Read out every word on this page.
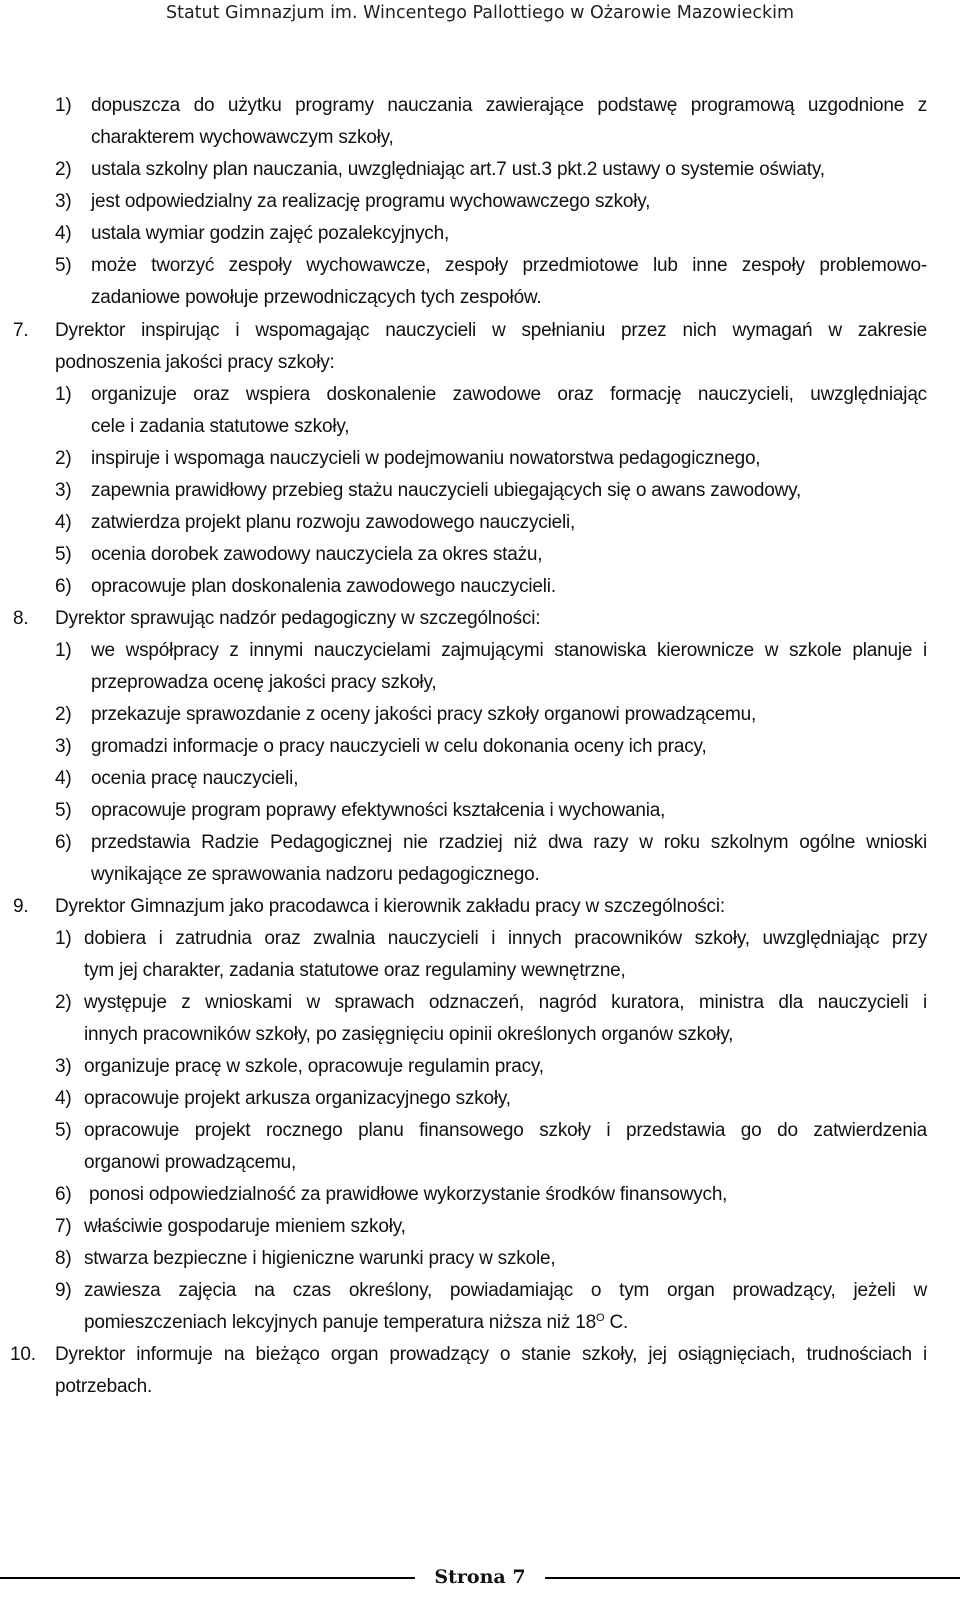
Statut Gimnazjum im. Wincentego Pallottiego w Ożarowie Mazowieckim
1) dopuszcza do użytku programy nauczania zawierające podstawę programową uzgodnione z
charakterem wychowawczym szkoły,
2) ustala szkolny plan nauczania, uwzględniając art.7 ust.3 pkt.2 ustawy o systemie oświaty,
3) jest odpowiedzialny za realizację programu wychowawczego szkoły,
4) ustala wymiar godzin zajęć pozalekcyjnych,
5) może tworzyć zespoły wychowawcze, zespoły przedmiotowe lub inne zespoły problemowo-
zadaniowe powołuje przewodniczących tych zespołów.
7. Dyrektor inspirując i wspomagając nauczycieli w spełnianiu przez nich wymagań w zakresie
podnoszenia jakości pracy szkoły:
1) organizuje oraz wspiera doskonalenie zawodowe oraz formację nauczycieli, uwzględniając
cele i zadania statutowe szkoły,
2) inspiruje i wspomaga nauczycieli w podejmowaniu nowatorstwa pedagogicznego,
3) zapewnia prawidłowy przebieg stażu nauczycieli ubiegających się o awans zawodowy,
4) zatwierdza projekt planu rozwoju zawodowego nauczycieli,
5) ocenia dorobek zawodowy nauczyciela za okres stażu,
6) opracowuje plan doskonalenia zawodowego nauczycieli.
8. Dyrektor sprawując nadzór pedagogiczny w szczególności:
1) we współpracy z innymi nauczycielami zajmującymi stanowiska kierownicze w szkole planuje i
przeprowadza ocenę jakości pracy szkoły,
2) przekazuje sprawozdanie z oceny jakości pracy szkoły organowi prowadzącemu,
3) gromadzi informacje o pracy nauczycieli w celu dokonania oceny ich pracy,
4) ocenia pracę nauczycieli,
5) opracowuje program poprawy efektywności kształcenia i wychowania,
6) przedstawia Radzie Pedagogicznej nie rzadziej niż dwa razy w roku szkolnym ogólne wnioski
wynikające ze sprawowania nadzoru pedagogicznego.
9. Dyrektor Gimnazjum jako pracodawca i kierownik zakładu pracy w szczególności:
1) dobiera i zatrudnia oraz zwalnia nauczycieli i innych pracowników szkoły, uwzględniając przy
tym jej charakter, zadania statutowe oraz regulaminy wewnętrzne,
2) występuje z wnioskami w sprawach odznaczeń, nagród kuratora, ministra dla nauczycieli i
innych pracowników szkoły, po zasięgnięciu opinii określonych organów szkoły,
3) organizuje pracę w szkole, opracowuje regulamin pracy,
4) opracowuje projekt arkusza organizacyjnego szkoły,
5) opracowuje projekt rocznego planu finansowego szkoły i przedstawia go do zatwierdzenia
organowi prowadzącemu,
6) ponosi odpowiedzialność za prawidłowe wykorzystanie środków finansowych,
7) właściwie gospodaruje mieniem szkoły,
8) stwarza bezpieczne i higieniczne warunki pracy w szkole,
9) zawiesza zajęcia na czas określony, powiadamiając o tym organ prowadzący, jeżeli w
pomieszczeniach lekcyjnych panuje temperatura niższa niż $18^O$ C.
10. Dyrektor informuje na bieżąco organ prowadzący o stanie szkoły, jej osiągnięciach, trudnościach i
potrzebach.
Strona 7
